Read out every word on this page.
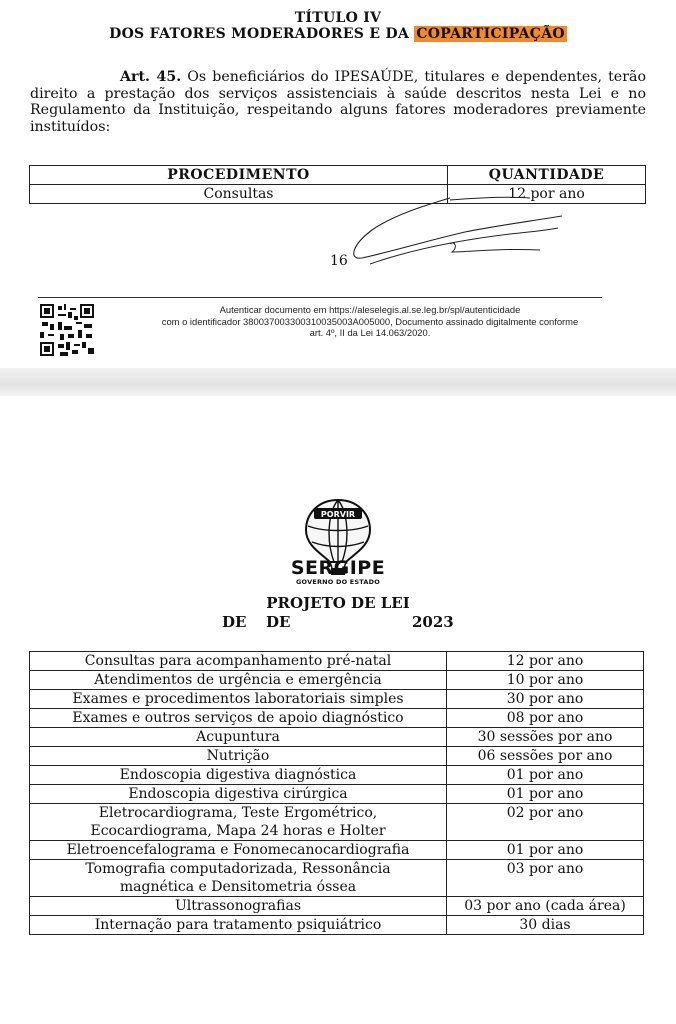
TÍTULO IV
DOS FATORES MODERADORES E DA COPARTICIPAÇÃO
Art. 45. Os beneficiários do IPESAÚDE, titulares e dependentes, terão direito a prestação dos serviços assistenciais à saúde descritos nesta Lei e no Regulamento da Instituição, respeitando alguns fatores moderadores previamente instituídos:
PROCEDIMENTO	QUANTIDADE
Consultas	12 por ano
16
Autenticar documento em https://aleselegis.al.se.leg.br/spl/autenticidade
com o identificador 380037003300310035003A005000, Documento assinado digitalmente conforme
art. 4º, II da Lei 14.063/2020.
PORVIR
SERGIPE
GOVERNO DO ESTADO
PROJETO DE LEI
DE DE	2023
Consultas para acompanhamento pré-natal	12 por ano
Atendimentos de urgência e emergência	10 por ano
Exames e procedimentos laboratoriais simples	30 por ano
Exames e outros serviços de apoio diagnóstico	08 por ano
Acupuntura	30 sessões por ano
Nutrição	06 sessões por ano
Endoscopia digestiva diagnóstica	01 por ano
Endoscopia digestiva cirúrgica	01 por ano
Eletrocardiograma, Teste Ergométrico,
Ecocardiograma, Mapa 24 horas e Holter	02 por ano
Eletroencefalograma e Fonomecanocardiografia	01 por ano
Tomografia computadorizada, Ressonância
magnética e Densitometria óssea	03 por ano
Ultrassonografias	03 por ano (cada área)
Internação para tratamento psiquiátrico	30 dias
